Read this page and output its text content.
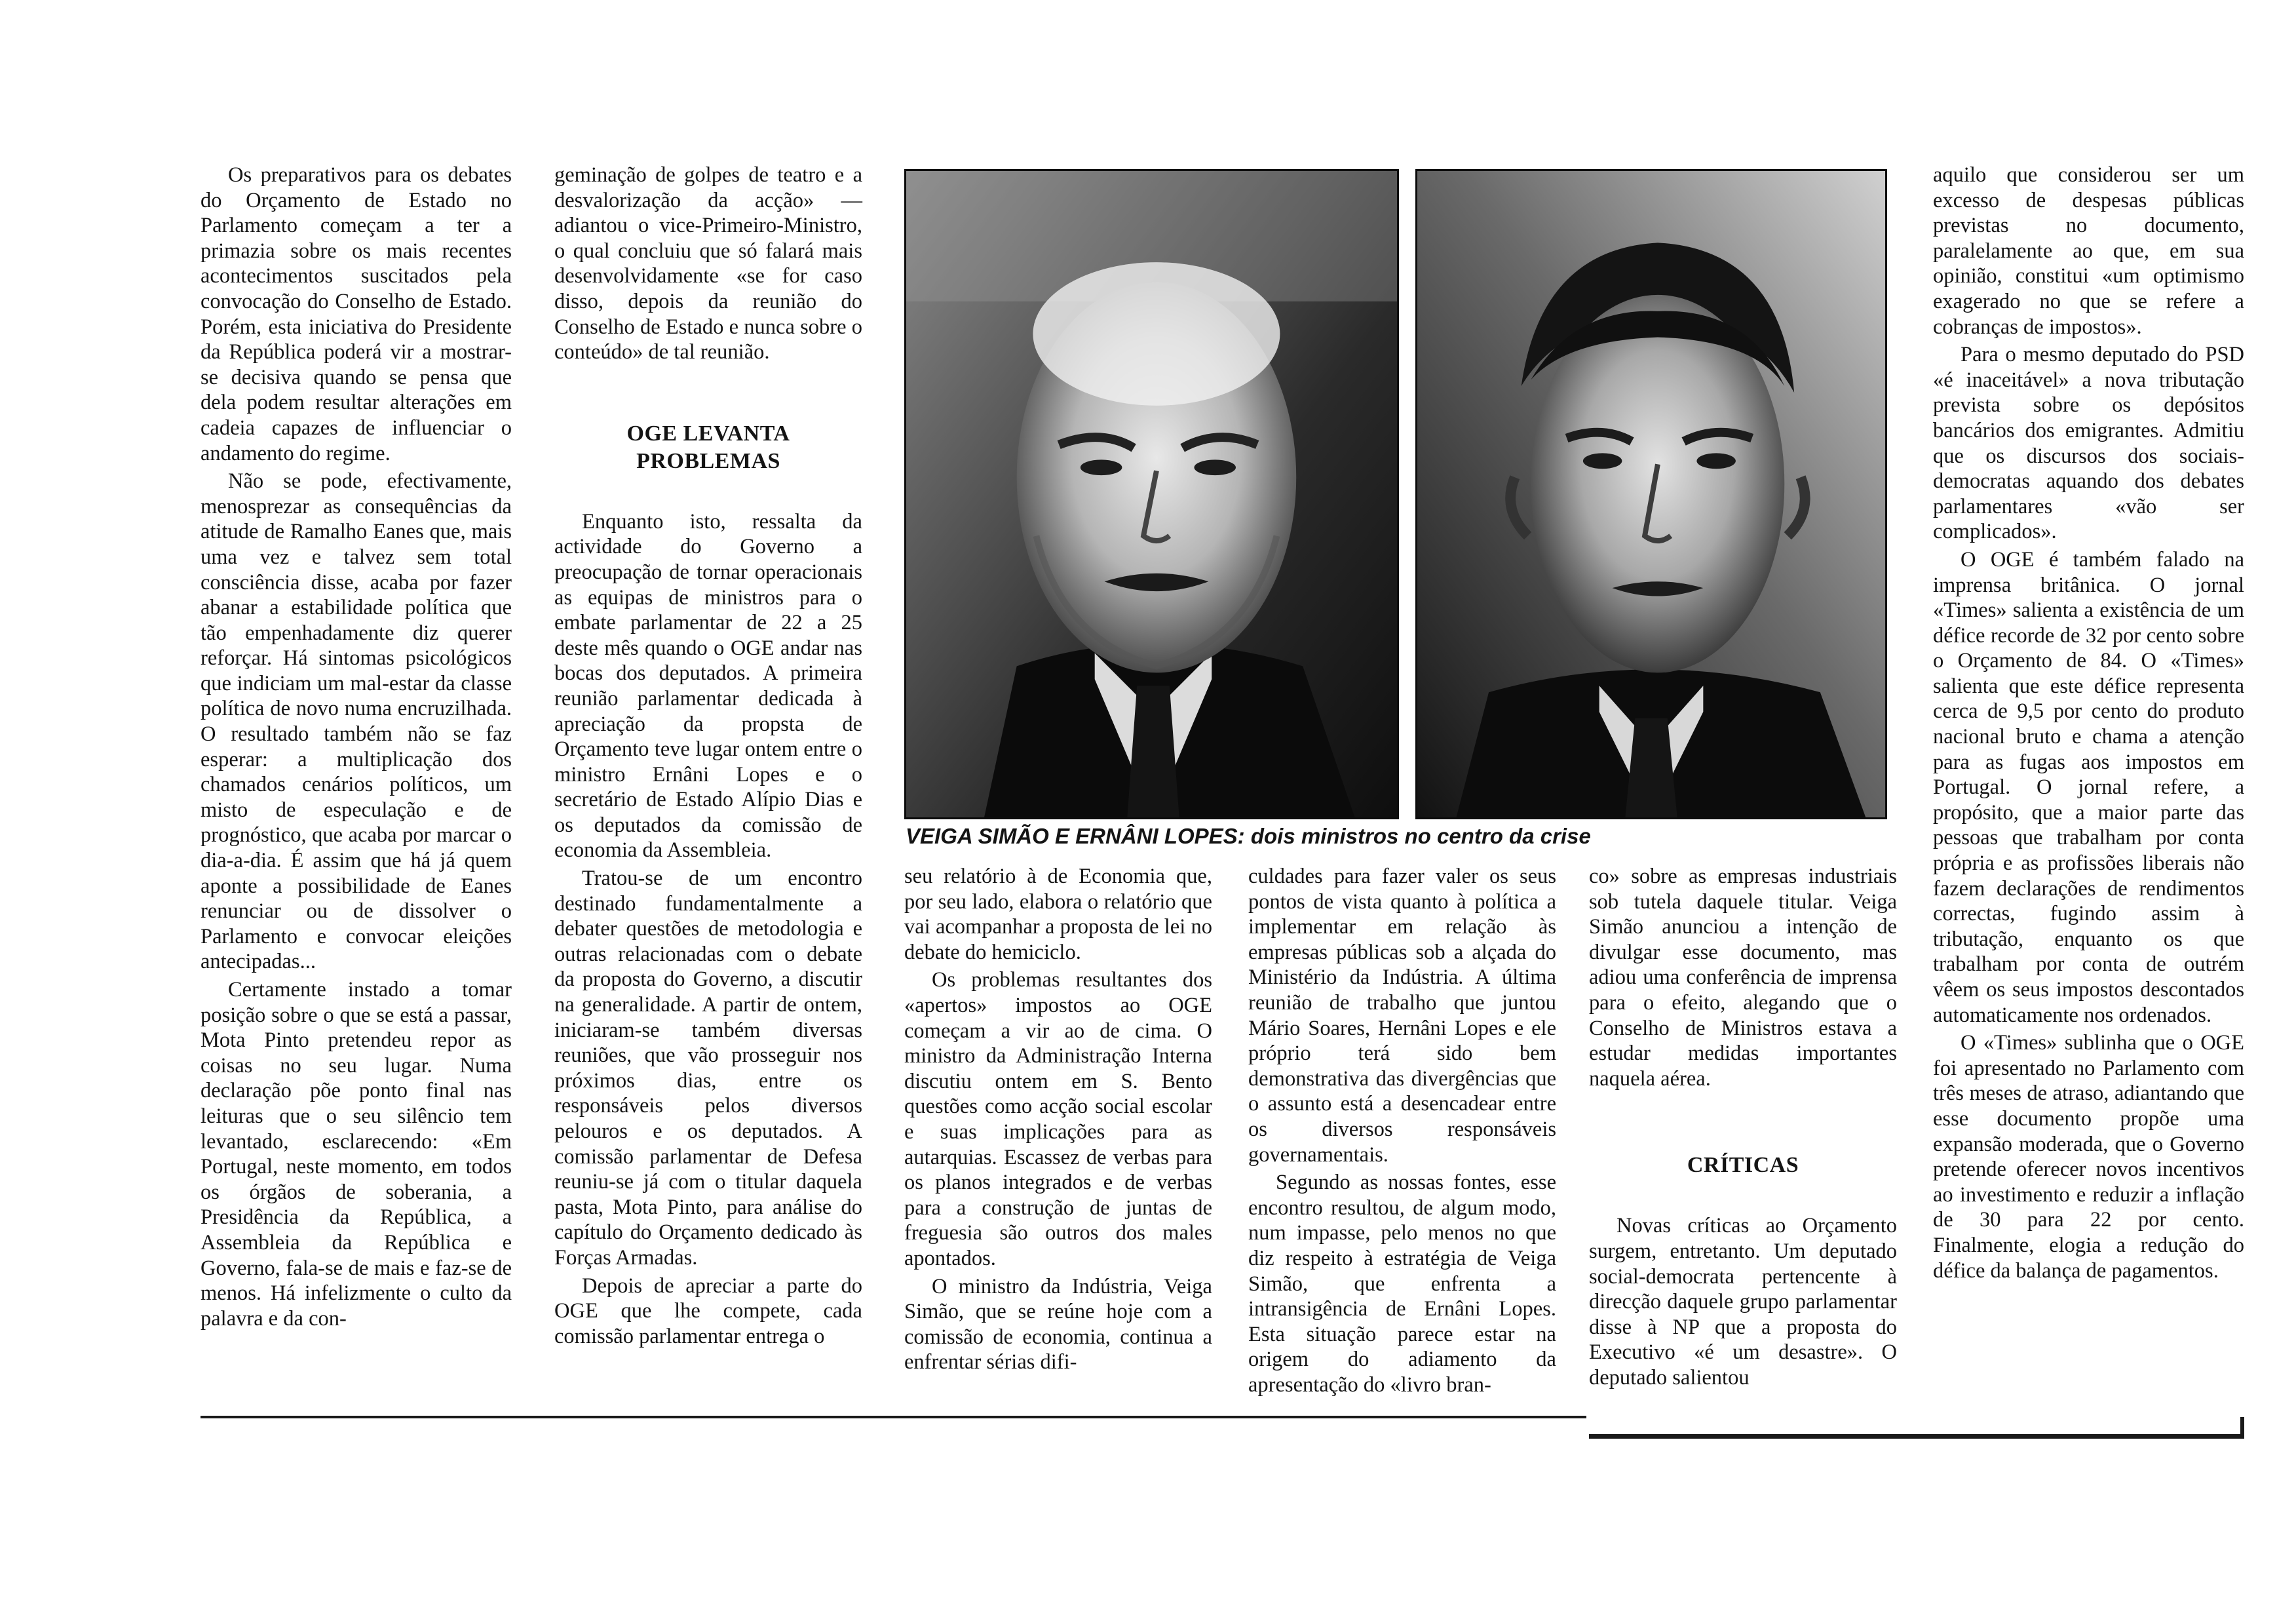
Os preparativos para os debates do Orçamento de Estado no Parlamento começam a ter a primazia sobre os mais recentes acontecimentos suscitados pela convocação do Conselho de Estado. Porém, esta iniciativa do Presidente da República poderá vir a mostrar-se decisiva quando se pensa que dela podem resultar alterações em cadeia capazes de influenciar o andamento do regime.

Não se pode, efectivamente, menosprezar as consequências da atitude de Ramalho Eanes que, mais uma vez e talvez sem total consciência disse, acaba por fazer abanar a estabilidade política que tão empenhadamente diz querer reforçar. Há sintomas psicológicos que indiciam um mal-estar da classe política de novo numa encruzilhada. O resultado também não se faz esperar: a multiplicação dos chamados cenários políticos, um misto de especulação e de prognóstico, que acaba por marcar o dia-a-dia. É assim que há já quem aponte a possibilidade de Eanes renunciar ou de dissolver o Parlamento e convocar eleições antecipadas...

Certamente instado a tomar posição sobre o que se está a passar, Mota Pinto pretendeu repor as coisas no seu lugar. Numa declaração põe ponto final nas leituras que o seu silêncio tem levantado, esclarecendo: «Em Portugal, neste momento, em todos os órgãos de soberania, a Presidência da República, a Assembleia da República e Governo, fala-se de mais e faz-se de menos. Há infelizmente o culto da palavra e da con-

geminação de golpes de teatro e a desvalorização da acção» — adiantou o vice-Primeiro-Ministro, o qual concluiu que só falará mais desenvolvidamente «se for caso disso, depois da reunião do Conselho de Estado e nunca sobre o conteúdo» de tal reunião.

OGE LEVANTA PROBLEMAS

Enquanto isto, ressalta da actividade do Governo a preocupação de tornar operacionais as equipas de ministros para o embate parlamentar de 22 a 25 deste mês quando o OGE andar nas bocas dos deputados. A primeira reunião parlamentar dedicada à apreciação da propsta de Orçamento teve lugar ontem entre o ministro Ernâni Lopes e o secretário de Estado Alípio Dias e os deputados da comissão de economia da Assembleia.

Tratou-se de um encontro destinado fundamentalmente a debater questões de metodologia e outras relacionadas com o debate da proposta do Governo, a discutir na generalidade. A partir de ontem, iniciaram-se também diversas reuniões, que vão prosseguir nos próximos dias, entre os responsáveis pelos diversos pelouros e os deputados. A comissão parlamentar de Defesa reuniu-se já com o titular daquela pasta, Mota Pinto, para análise do capítulo do Orçamento dedicado às Forças Armadas.

Depois de apreciar a parte do OGE que lhe compete, cada comissão parlamentar entrega o

VEIGA SIMÃO E ERNÂNI LOPES: dois ministros no centro da crise

seu relatório à de Economia que, por seu lado, elabora o relatório que vai acompanhar a proposta de lei no debate do hemiciclo.

Os problemas resultantes dos «apertos» impostos ao OGE começam a vir ao de cima. O ministro da Administração Interna discutiu ontem em S. Bento questões como acção social escolar e suas implicações para as autarquias. Escassez de verbas para os planos integrados e de verbas para a construção de juntas de freguesia são outros dos males apontados.

O ministro da Indústria, Veiga Simão, que se reúne hoje com a comissão de economia, continua a enfrentar sérias difi-

culdades para fazer valer os seus pontos de vista quanto à política a implementar em relação às empresas públicas sob a alçada do Ministério da Indústria. A última reunião de trabalho que juntou Mário Soares, Hernâni Lopes e ele próprio terá sido bem demonstrativa das divergências que o assunto está a desencadear entre os diversos responsáveis governamentais.

Segundo as nossas fontes, esse encontro resultou, de algum modo, num impasse, pelo menos no que diz respeito à estratégia de Veiga Simão, que enfrenta a intransigência de Ernâni Lopes. Esta situação parece estar na origem do adiamento da apresentação do «livro bran-

co» sobre as empresas industriais sob tutela daquele titular. Veiga Simão anunciou a intenção de divulgar esse documento, mas adiou uma conferência de imprensa para o efeito, alegando que o Conselho de Ministros estava a estudar medidas importantes naquela aérea.

CRÍTICAS

Novas críticas ao Orçamento surgem, entretanto. Um deputado social-democrata pertencente à direcção daquele grupo parlamentar disse à NP que a proposta do Executivo «é um desastre». O deputado salientou

aquilo que considerou ser um excesso de despesas públicas previstas no documento, paralelamente ao que, em sua opinião, constitui «um optimismo exagerado no que se refere a cobranças de impostos».

Para o mesmo deputado do PSD «é inaceitável» a nova tributação prevista sobre os depósitos bancários dos emigrantes. Admitiu que os discursos dos sociais-democratas aquando dos debates parlamentares «vão ser complicados».

O OGE é também falado na imprensa britânica. O jornal «Times» salienta a existência de um défice recorde de 32 por cento sobre o Orçamento de 84. O «Times» salienta que este défice representa cerca de 9,5 por cento do produto nacional bruto e chama a atenção para as fugas aos impostos em Portugal. O jornal refere, a propósito, que a maior parte das pessoas que trabalham por conta própria e as profissões liberais não fazem declarações de rendimentos correctas, fugindo assim à tributação, enquanto os que trabalham por conta de outrém vêem os seus impostos descontados automaticamente nos ordenados.

O «Times» sublinha que o OGE foi apresentado no Parlamento com três meses de atraso, adiantando que esse documento propõe uma expansão moderada, que o Governo pretende oferecer novos incentivos ao investimento e reduzir a inflação de 30 para 22 por cento. Finalmente, elogia a redução do défice da balança de pagamentos.
